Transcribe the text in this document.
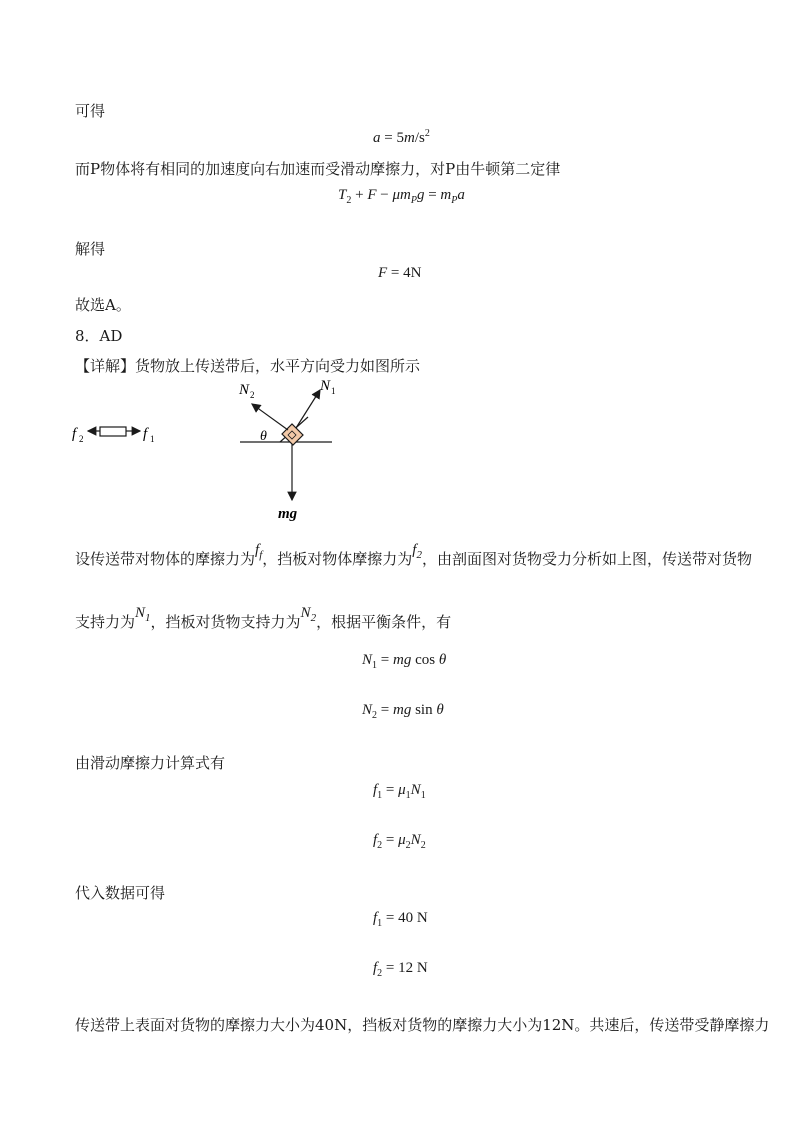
可得
$a = 5m/s^2$
而P物体将有相同的加速度向右加速而受滑动摩擦力，对P由牛顿第二定律
$T_2 + F - \mu m_Pg = m_Pa$
解得
F = 4N
故选A。
8．AD
【详解】货物放上传送带后，水平方向受力如图所示
f 2	f 1
N 2
N 1
θ
mg
设传送带对物体的摩擦力为$f_f$，挡板对物体摩擦力为$f_2$，由剖面图对货物受力分析如上图，传送带对货物
支持力为$N_1$，挡板对货物支持力为$N_2$，根据平衡条件，有
$N_1$ = mg cos θ
$N_2$ = mg sin θ
由滑动摩擦力计算式有
$f_1 = \mu_1N_1$
$f_2 = \mu_2N_2$
代入数据可得
$f_1 = 40$ N
$f_2 = 12$ N
传送带上表面对货物的摩擦力大小为40N，挡板对货物的摩擦力大小为12N。共速后，传送带受静摩擦力
